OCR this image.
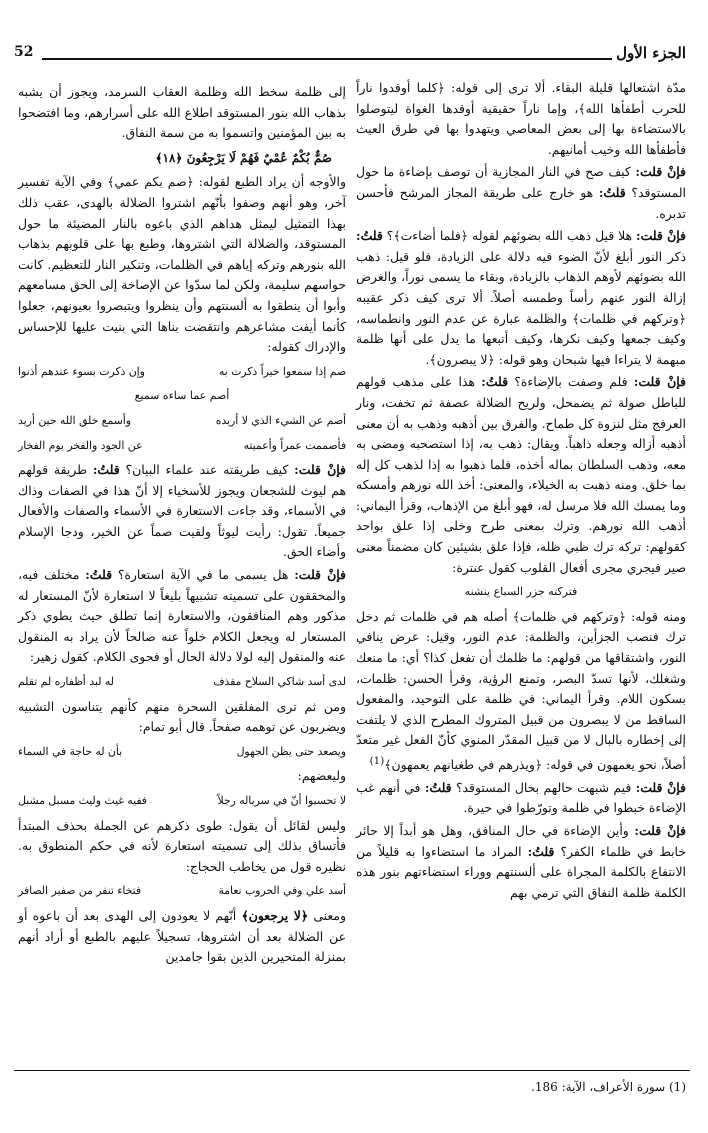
الجزء الأول
52

مدّة اشتعالها قليلة البقاء. ألا ترى إلى قوله: ﴿كلما أوقدوا ناراً للحرب أطفأها الله﴾، وإما ناراً حقيقية أوقدها الغواة ليتوصلوا بالاستضاءة بها إلى بعض المعاصي ويتهدوا بها في طرق العيث فأطفأها الله وخيب أمانيهم.

فإنْ قلت: كيف صح في النار المجازية أن توصف بإضاءة ما حول المستوقد؟ قلتُ: هو خارج على طريقة المجاز المرشح فأحسن تدبره.

فإنْ قلت: هلا قيل ذهب الله بضوئهم لقوله ﴿فلما أضاءت﴾؟ قلتُ: ذكر النور أبلغ لأنّ الضوء فيه دلالة على الزيادة، فلو قيل: ذهب الله بضوئهم لأوهم الذهاب بالزيادة، وبقاء ما يسمى نوراً، والغرض إزالة النور عنهم رأساً وطمسه أصلاً. ألا ترى كيف ذكر عقيبه ﴿وتركهم في ظلمات﴾ والظلمة عبارة عن عدم النور وانطماسه، وكيف جمعها وكيف نكرها، وكيف أتبعها ما يدل على أنها ظلمة مبهمة لا يتراءا فيها شبحان وهو قوله: ﴿لا يبصرون﴾.

فإنْ قلت: فلم وصفت بالإضاءة؟ قلتُ: هذا على مذهب قولهم للباطل صولة ثم يضمحل، ولريح الضلالة عصفة ثم تخفت، ونار العرفج مثل لنزوة كل طماح. والفرق بين أذهبه وذهب به أن معنى أذهبه أزاله وجعله ذاهباً. ويقال: ذهب به، إذا استصحبه ومضى به معه، وذهب السلطان بماله أخذه، فلما ذهبوا به إذا لذهب كل إله بما خلق. ومنه ذهبت به الخيلاء، والمعنى: أخذ الله نورهم وأمسكه وما يمسك الله فلا مرسل له، فهو أبلغ من الإذهاب، وقرأ اليماني: أذهب الله نورهم. وترك بمعنى طرح وخلى إذا علق بواحد كقولهم: تركه ترك ظبي ظله، فإذا علق بشيئين كان مضمناً معنى صير فيجري مجرى أفعال القلوب كقول عنترة:

فتركته جزر السباع ينشنه

ومنه قوله: ﴿وتركهم في ظلمات﴾ أصله هم في ظلمات ثم دخل ترك فنصب الجزأين، والظلمة: عدم النور، وقيل: عرض ينافي النور، واشتقاقها من قولهم: ما ظلمك أن تفعل كذا؟ أي: ما منعك وشغلك، لأنها تسدّ البصر، وتمنع الرؤية، وقرأ الحسن: ظلمات، بسكون اللام. وقرأ اليماني: في ظلمة على التوحيد، والمفعول الساقط من لا يبصرون من قبيل المتروك المطرح الذي لا يلتفت إلى إخطاره بالبال لا من قبيل المقدّر المنوي كأنّ الفعل غير متعدّ أصلاً، نحو يعمهون في قوله: ﴿ويذرهم في طغيانهم يعمهون﴾$^{(1)}$

فإنْ قلت: فيم شبهت حالهم بحال المستوقد؟ قلتُ: في أنهم غب الإضاءة خبطوا في ظلمة وتورّطوا في حيرة.

فإنْ قلت: وأين الإضاءة في حال المنافق، وهل هو أبداً إلا حائر خابط في ظلماء الكفر؟ قلتُ: المراد ما استضاءوا به قليلاً من الانتفاع بالكلمة المجراة على ألسنتهم ووراء استضاءتهم بنور هذه الكلمة ظلمة النفاق التي ترمي بهم

إلى ظلمة سخط الله وظلمة العقاب السرمد، ويجوز أن يشبه بذهاب الله بنور المستوقد اطلاع الله على أسرارهم، وما افتضحوا به بين المؤمنين واتسموا به من سمة النفاق.

صُمٌّ بُكْمٌ عُمْيٌ فَهُمْ لَا يَرْجِعُونَ ﴿١٨﴾

والأوجه أن يراد الطبع لقوله: ﴿صم بكم عمي﴾ وفي الآية تفسير آخر، وهو أنهم وصفوا بأنّهم اشتروا الضلالة بالهدى، عقب ذلك بهذا التمثيل ليمثل هداهم الذي باعوه بالنار المضيئة ما حول المستوقد، والضلالة التي اشتروها، وطبع بها على قلوبهم بذهاب الله بنورهم وتركه إياهم في الظلمات، وتنكير النار للتعظيم. كانت حواسهم سليمة، ولكن لما سدّوا عن الإصاخة إلى الحق مسامعهم وأبوا أن ينطقوا به ألسنتهم وأن ينظروا ويتبصروا بعيونهم، جعلوا كأنما أيفت مشاعرهم وانتقضت بناها التي بنيت عليها للإحساس والإدراك كقوله:

صم إذا سمعوا خيراً ذكرت به
وإن ذكرت بسوء عندهم أذنوا
أصم عما ساءه سميع
أصم عن الشيء الذي لا أريده
وأسمع خلق الله حين أريد
فأصممت عمراً وأعميته
عن الجود والفخر يوم الفخار

فإنْ قلت: كيف طريقته عند علماء البيان؟ قلتُ: طريقة قولهم هم ليوث للشجعان ويجوز للأسخياء إلا أنّ هذا في الصفات وذاك في الأسماء، وقد جاءت الاستعارة في الأسماء والصفات والأفعال جميعاً. تقول: رأيت ليوثاً ولقيت صماً عن الخير، ودجا الإسلام وأضاء الحق.

فإنْ قلت: هل يسمى ما في الآية استعارة؟ قلتُ: مختلف فيه، والمحققون على تسميته تشبيهاً بليغاً لا استعارة لأنّ المستعار له مذكور وهم المنافقون، والاستعارة إنما تطلق حيث يطوي ذكر المستعار له ويجعل الكلام خلواً عنه صالحاً لأن يراد به المنقول عنه والمنقول إليه لولا دلالة الحال أو فحوى الكلام. كقول زهير:

لدى أسد شاكي السلاح مقذف
له لبد أظفاره لم تقلم

ومن ثم ترى المفلقين السحرة منهم كأنهم يتناسون التشبيه ويضربون عن توهمه صفحاً. قال أبو تمام:

ويصعد حتى يظن الجهول
بأن له حاجة في السماء

وليعضهم:

لا تحسبوا أنّ في سرباله رجلاً
ففيه غيث وليث مسبل مشبل

وليس لقائل أن يقول: طوى ذكرهم عن الجملة بحذف المبتدأ فأتساق بذلك إلى تسميته استعارة لأنه في حكم المنطوق به. نظيره قول من يخاطب الحجاج:

أسد علي وفي الحروب نعامة
فتخاء تنفر من صفير الصافر

ومعنى ﴿لا يرجعون﴾ أنّهم لا يعودون إلى الهدى بعد أن باعوه أو عن الضلالة بعد أن اشتروها، تسجيلاً عليهم بالطبع أو أراد أنهم بمنزلة المتحيرين الذين بقوا جامدين

(1) سورة الأعراف، الآية: 186.
